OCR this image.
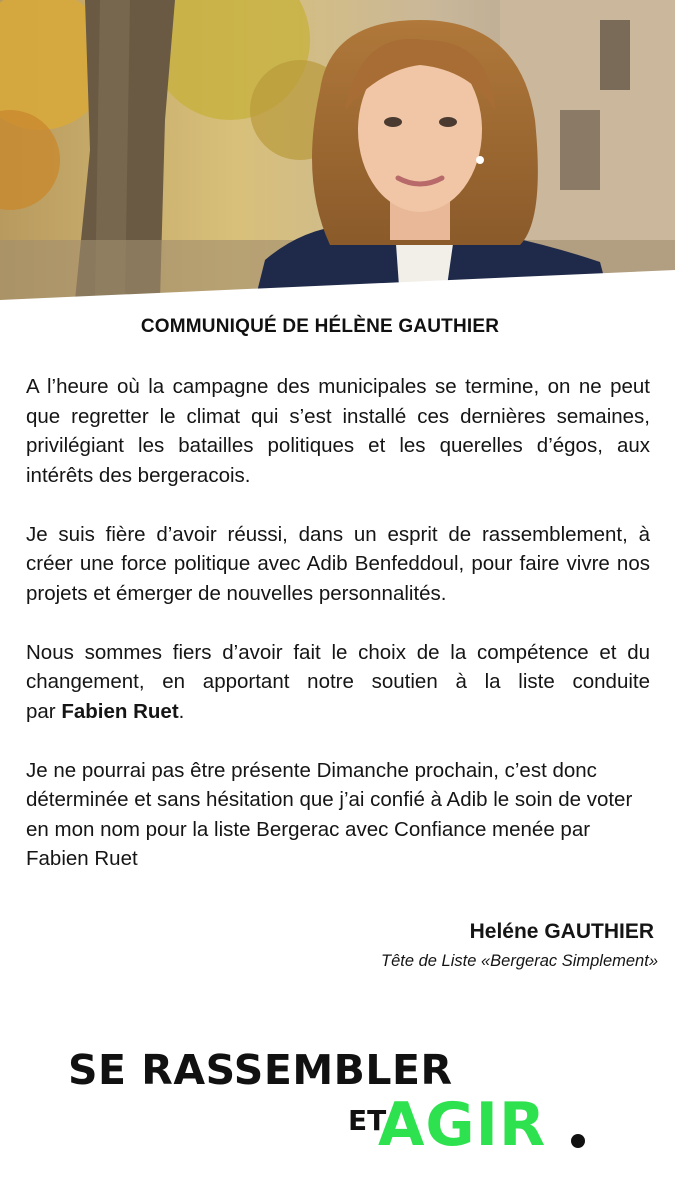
COMMUNIQUÉ DE HÉLÈNE GAUTHIER

A l’heure où la campagne des municipales se termine, on ne peut que regretter le climat qui s’est installé ces dernières semaines, privilégiant les batailles politiques et les querelles d’égos, aux intérêts des bergeracois.

Je suis fière d’avoir réussi, dans un esprit de rassemblement, à créer une force politique avec Adib Benfeddoul, pour faire vivre nos projets et émerger de nouvelles personnalités.

Nous sommes fiers d’avoir fait le choix de la compétence et du changement, en apportant notre soutien à la liste conduite par Fabien Ruet.

Je ne pourrai pas être présente Dimanche prochain, c’est donc déterminée et sans hésitation que j’ai confié à Adib le soin de voter en mon nom pour la liste Bergerac avec Confiance menée par Fabien Ruet

Heléne GAUTHIER
Tête de Liste «Bergerac Simplement»
SE RASSEMBLER
ET
AGIR
